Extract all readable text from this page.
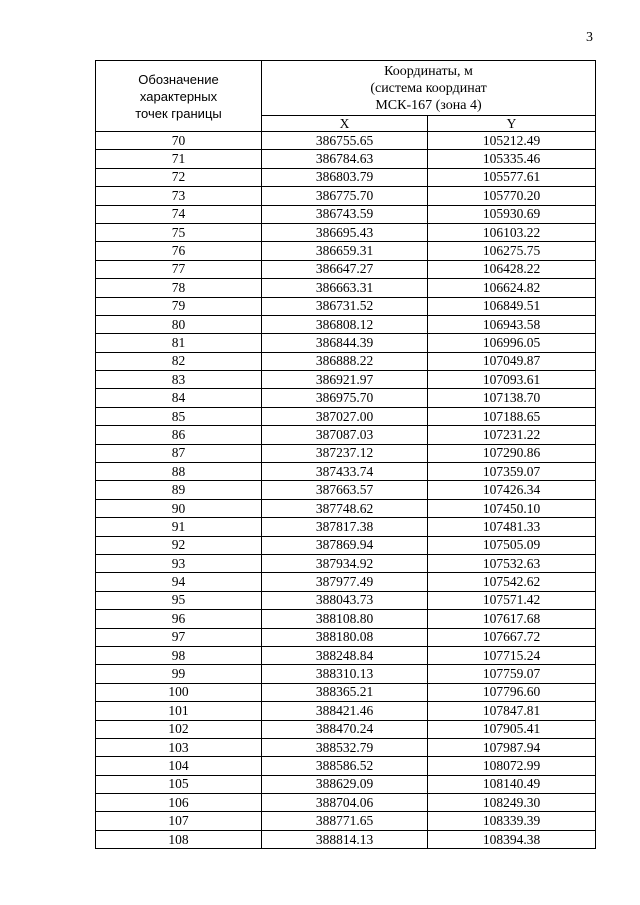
3
Обозначение
характерных
точек границы	Координаты, м
(система координат
МСК-167 (зона 4)	

	X	Y
70	386755.65	105212.49
71	386784.63	105335.46
72	386803.79	105577.61
73	386775.70	105770.20
74	386743.59	105930.69
75	386695.43	106103.22
76	386659.31	106275.75
77	386647.27	106428.22
78	386663.31	106624.82
79	386731.52	106849.51
80	386808.12	106943.58
81	386844.39	106996.05
82	386888.22	107049.87
83	386921.97	107093.61
84	386975.70	107138.70
85	387027.00	107188.65
86	387087.03	107231.22
87	387237.12	107290.86
88	387433.74	107359.07
89	387663.57	107426.34
90	387748.62	107450.10
91	387817.38	107481.33
92	387869.94	107505.09
93	387934.92	107532.63
94	387977.49	107542.62
95	388043.73	107571.42
96	388108.80	107617.68
97	388180.08	107667.72
98	388248.84	107715.24
99	388310.13	107759.07
100	388365.21	107796.60
101	388421.46	107847.81
102	388470.24	107905.41
103	388532.79	107987.94
104	388586.52	108072.99
105	388629.09	108140.49
106	388704.06	108249.30
107	388771.65	108339.39
108	388814.13	108394.38
